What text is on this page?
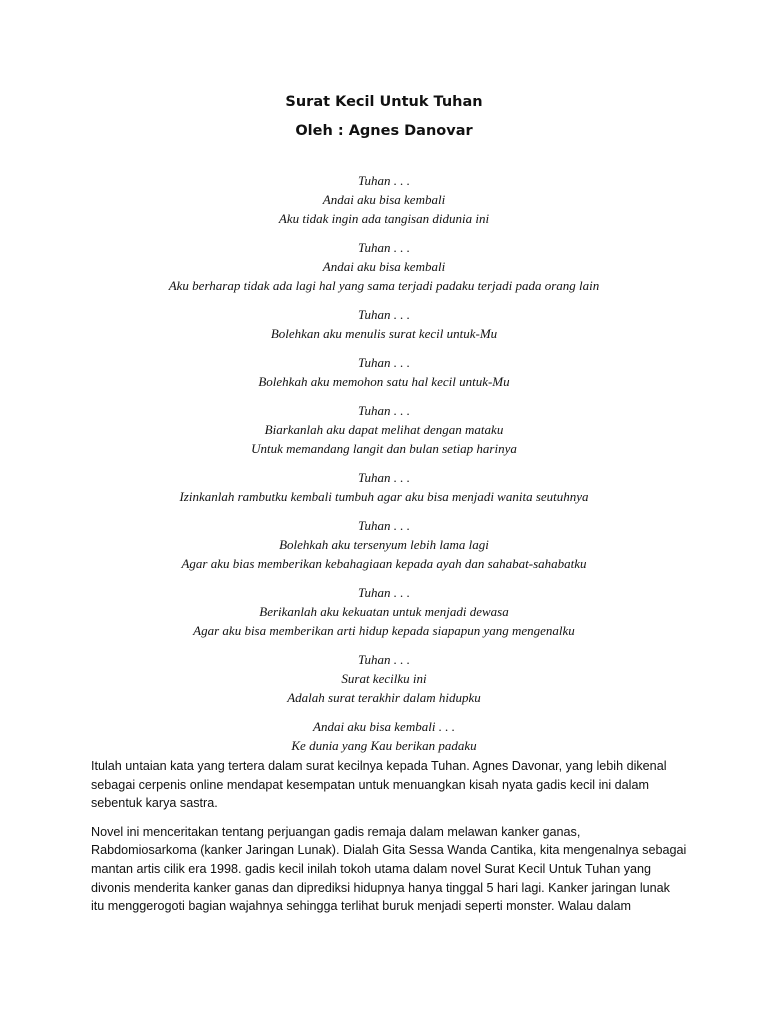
Surat Kecil Untuk Tuhan
Oleh : Agnes Danovar
Tuhan . . .
Andai aku bisa kembali
Aku tidak ingin ada tangisan didunia ini
Tuhan . . .
Andai aku bisa kembali
Aku berharap tidak ada lagi hal yang sama terjadi padaku terjadi pada orang lain
Tuhan . . .
Bolehkan aku menulis surat kecil untuk-Mu
Tuhan . . .
Bolehkah aku memohon satu hal kecil untuk-Mu
Tuhan . . .
Biarkanlah aku dapat melihat dengan mataku
Untuk memandang langit dan bulan setiap harinya
Tuhan . . .
Izinkanlah rambutku kembali tumbuh agar aku bisa menjadi wanita seutuhnya
Tuhan . . .
Bolehkah aku tersenyum lebih lama lagi
Agar aku bias memberikan kebahagiaan kepada ayah dan sahabat-sahabatku
Tuhan . . .
Berikanlah aku kekuatan untuk menjadi dewasa
Agar aku bisa memberikan arti hidup kepada siapapun yang mengenalku
Tuhan . . .
Surat kecilku ini
Adalah surat terakhir dalam hidupku
Andai aku bisa kembali . . .
Ke dunia yang Kau berikan padaku

Itulah untaian kata yang tertera dalam surat kecilnya kepada Tuhan. Agnes Davonar, yang lebih dikenal
sebagai cerpenis online mendapat kesempatan untuk menuangkan kisah nyata gadis kecil ini dalam
sebentuk karya sastra.

Novel ini menceritakan tentang perjuangan gadis remaja dalam melawan kanker ganas,
Rabdomiosarkoma (kanker Jaringan Lunak). Dialah Gita Sessa Wanda Cantika, kita mengenalnya sebagai
mantan artis cilik era 1998. gadis kecil inilah tokoh utama dalam novel Surat Kecil Untuk Tuhan yang
divonis menderita kanker ganas dan diprediksi hidupnya hanya tinggal 5 hari lagi. Kanker jaringan lunak
itu menggerogoti bagian wajahnya sehingga terlihat buruk menjadi seperti monster. Walau dalam
